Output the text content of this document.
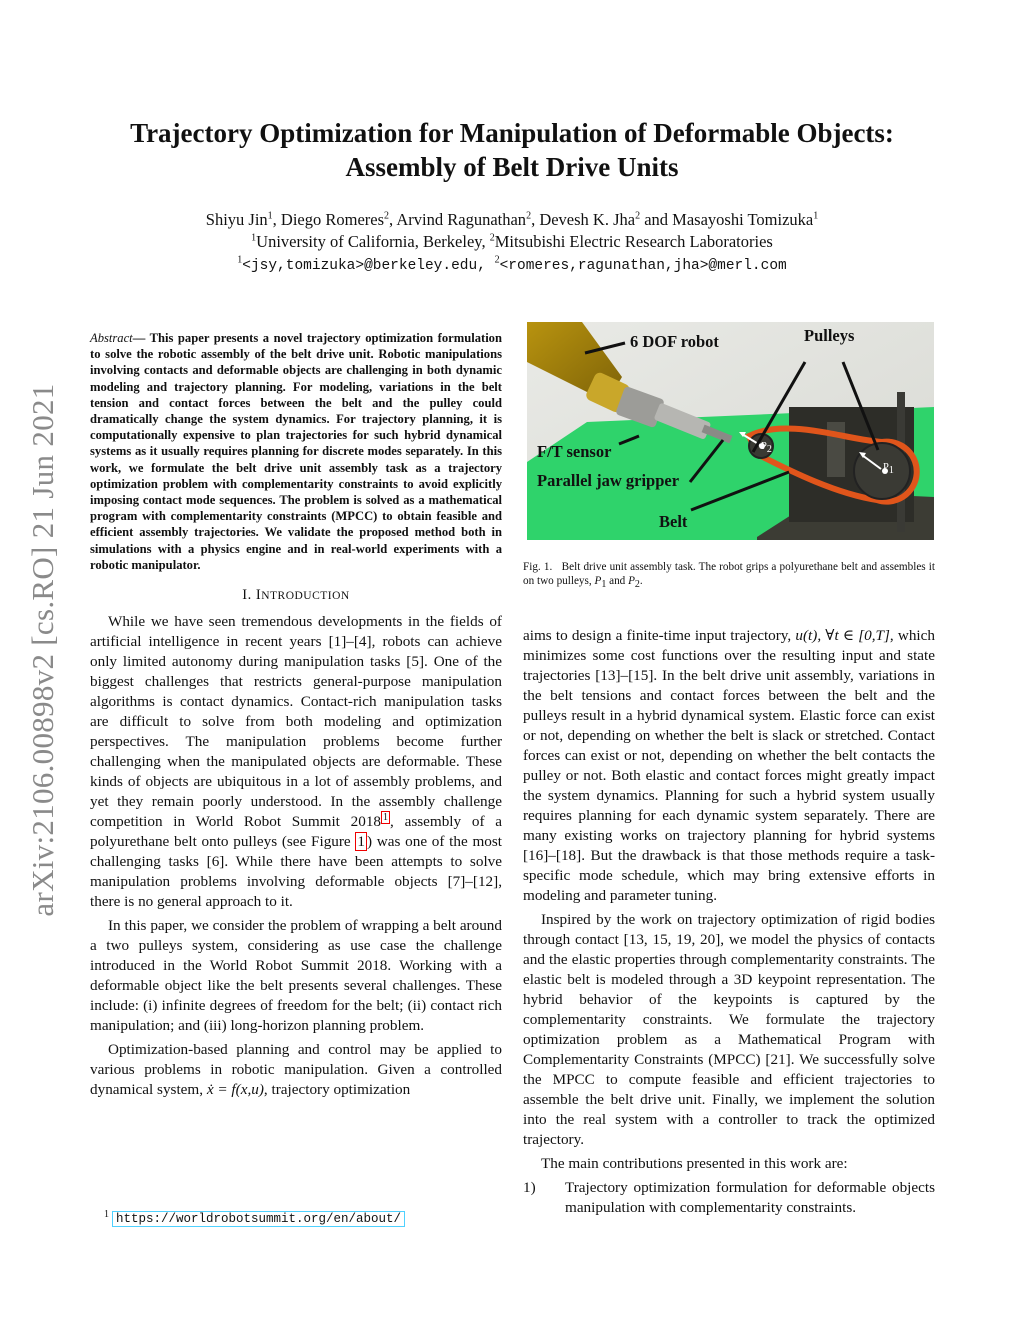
arXiv:2106.00898v2 [cs.RO] 21 Jun 2021
Trajectory Optimization for Manipulation of Deformable Objects:
Assembly of Belt Drive Units
Shiyu Jin$^1$, Diego Romeres$^2$, Arvind Ragunathan$^2$, Devesh K. Jha$^2$ and Masayoshi Tomizuka$^1$
$^1$University of California, Berkeley, $^2$Mitsubishi Electric Research Laboratories
$^1$<jsy,tomizuka>@berkeley.edu, $^2$<romeres,ragunathan,jha>@merl.com

Abstract— This paper presents a novel trajectory optimization formulation to solve the robotic assembly of the belt drive unit. Robotic manipulations involving contacts and deformable objects are challenging in both dynamic modeling and trajectory planning. For modeling, variations in the belt tension and contact forces between the belt and the pulley could dramatically change the system dynamics. For trajectory planning, it is computationally expensive to plan trajectories for such hybrid dynamical systems as it usually requires planning for discrete modes separately. In this work, we formulate the belt drive unit assembly task as a trajectory optimization problem with complementarity constraints to avoid explicitly imposing contact mode sequences. The problem is solved as a mathematical program with complementarity constraints (MPCC) to obtain feasible and efficient assembly trajectories. We validate the proposed method both in simulations with a physics engine and in real-world experiments with a robotic manipulator.

I. INTRODUCTION

While we have seen tremendous developments in the fields of artificial intelligence in recent years [1]–[4], robots can achieve only limited autonomy during manipulation tasks [5]. One of the biggest challenges that restricts general-purpose manipulation algorithms is contact dynamics. Contact-rich manipulation tasks are difficult to solve from both modeling and optimization perspectives. The manipulation problems become further challenging when the manipulated objects are deformable. These kinds of objects are ubiquitous in a lot of assembly problems, and yet they remain poorly understood. In the assembly challenge competition in World Robot Summit 2018 $^1$ , assembly of a polyurethane belt onto pulleys (see Figure 1 ) was one of the most challenging tasks [6]. While there have been attempts to solve manipulation problems involving deformable objects [7]–[12], there is no general approach to it.

In this paper, we consider the problem of wrapping a belt around a two pulleys system, considering as use case the challenge introduced in the World Robot Summit 2018. Working with a deformable object like the belt presents several challenges. These include: (i) infinite degrees of freedom for the belt; (ii) contact rich manipulation; and (iii) long-horizon planning problem.

Optimization-based planning and control may be applied to various problems in robotic manipulation. Given a controlled dynamical system, ẋ = f(x,u), trajectory optimization

$^1$ https://worldrobotsummit.org/en/about/
6 DOF robot	Pulleys
F/T sensor
Parallel jaw gripper
Belt
$P_1$
$P_2$
Fig. 1. Belt drive unit assembly task. The robot grips a polyurethane belt and assembles it on two pulleys, $P_1$ and $P_2$.

aims to design a finite-time input trajectory, u(t), ∀t ∈ [0,T], which minimizes some cost functions over the resulting input and state trajectories [13]–[15]. In the belt drive unit assembly, variations in the belt tensions and contact forces between the belt and the pulleys result in a hybrid dynamical system. Elastic force can exist or not, depending on whether the belt is slack or stretched. Contact forces can exist or not, depending on whether the belt contacts the pulley or not. Both elastic and contact forces might greatly impact the system dynamics. Planning for such a hybrid system usually requires planning for each dynamic system separately. There are many existing works on trajectory planning for hybrid systems [16]–[18]. But the drawback is that those methods require a task-specific mode schedule, which may bring extensive efforts in modeling and parameter tuning.

Inspired by the work on trajectory optimization of rigid bodies through contact [13, 15, 19, 20], we model the physics of contacts and the elastic properties through complementarity constraints. The elastic belt is modeled through a 3D keypoint representation. The hybrid behavior of the keypoints is captured by the complementarity constraints. We formulate the trajectory optimization problem as a Mathematical Program with Complementarity Constraints (MPCC) [21]. We successfully solve the MPCC to compute feasible and efficient trajectories to assemble the belt drive unit. Finally, we implement the solution into the real system with a controller to track the optimized trajectory.

The main contributions presented in this work are:

1) Trajectory optimization formulation for deformable objects manipulation with complementarity constraints.
